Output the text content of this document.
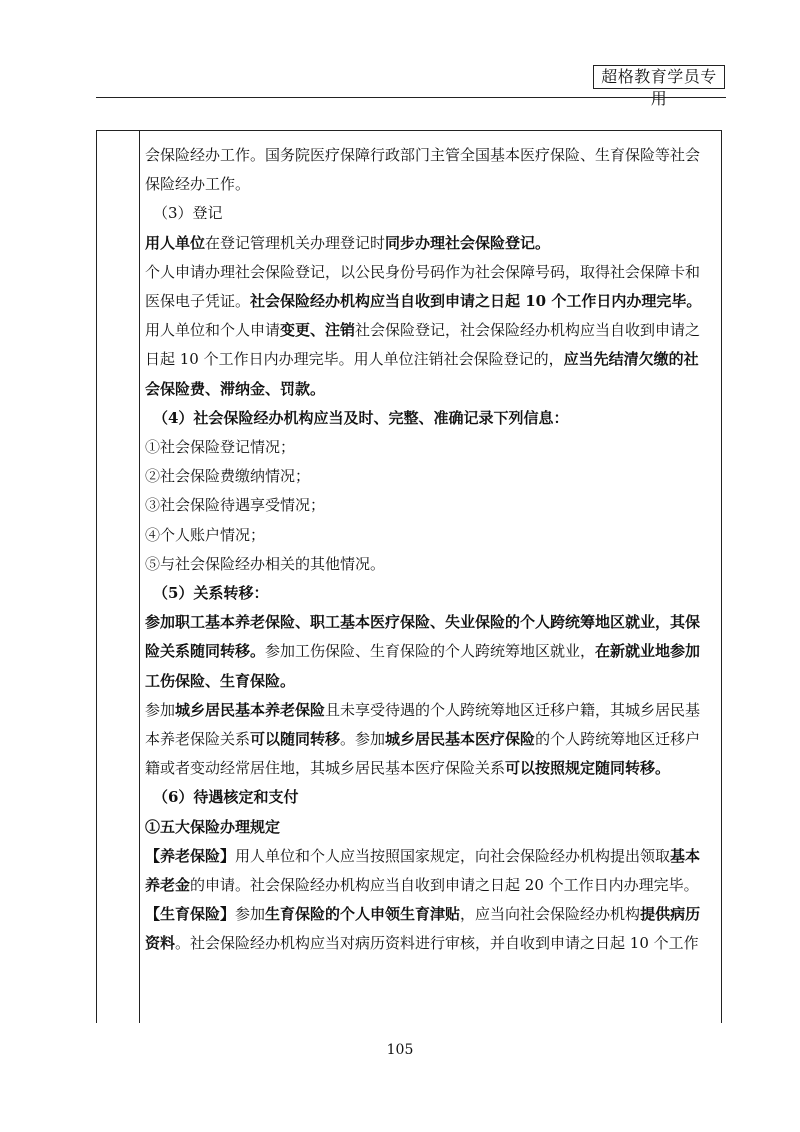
超格教育学员专用

会保险经办工作。国务院医疗保障行政部门主管全国基本医疗保险、生育保险等社会

保险经办工作。

（3）登记

用人单位在登记管理机关办理登记时同步办理社会保险登记。

个人申请办理社会保险登记，以公民身份号码作为社会保障号码，取得社会保障卡和

医保电子凭证。社会保险经办机构应当自收到申请之日起 10 个工作日内办理完毕。

用人单位和个人申请变更、注销社会保险登记，社会保险经办机构应当自收到申请之

日起 10 个工作日内办理完毕。用人单位注销社会保险登记的，应当先结清欠缴的社

会保险费、滞纳金、罚款。

（4）社会保险经办机构应当及时、完整、准确记录下列信息：

①社会保险登记情况；

②社会保险费缴纳情况；

③社会保险待遇享受情况；

④个人账户情况；

⑤与社会保险经办相关的其他情况。

（5）关系转移：

参加职工基本养老保险、职工基本医疗保险、失业保险的个人跨统筹地区就业，其保

险关系随同转移。参加工伤保险、生育保险的个人跨统筹地区就业，在新就业地参加

工伤保险、生育保险。

参加城乡居民基本养老保险且未享受待遇的个人跨统筹地区迁移户籍，其城乡居民基

本养老保险关系可以随同转移。参加城乡居民基本医疗保险的个人跨统筹地区迁移户

籍或者变动经常居住地，其城乡居民基本医疗保险关系可以按照规定随同转移。

（6）待遇核定和支付

①五大保险办理规定

【养老保险】用人单位和个人应当按照国家规定，向社会保险经办机构提出领取基本

养老金的申请。社会保险经办机构应当自收到申请之日起 20 个工作日内办理完毕。

【生育保险】参加生育保险的个人申领生育津贴，应当向社会保险经办机构提供病历

资料。社会保险经办机构应当对病历资料进行审核，并自收到申请之日起 10 个工作

105
